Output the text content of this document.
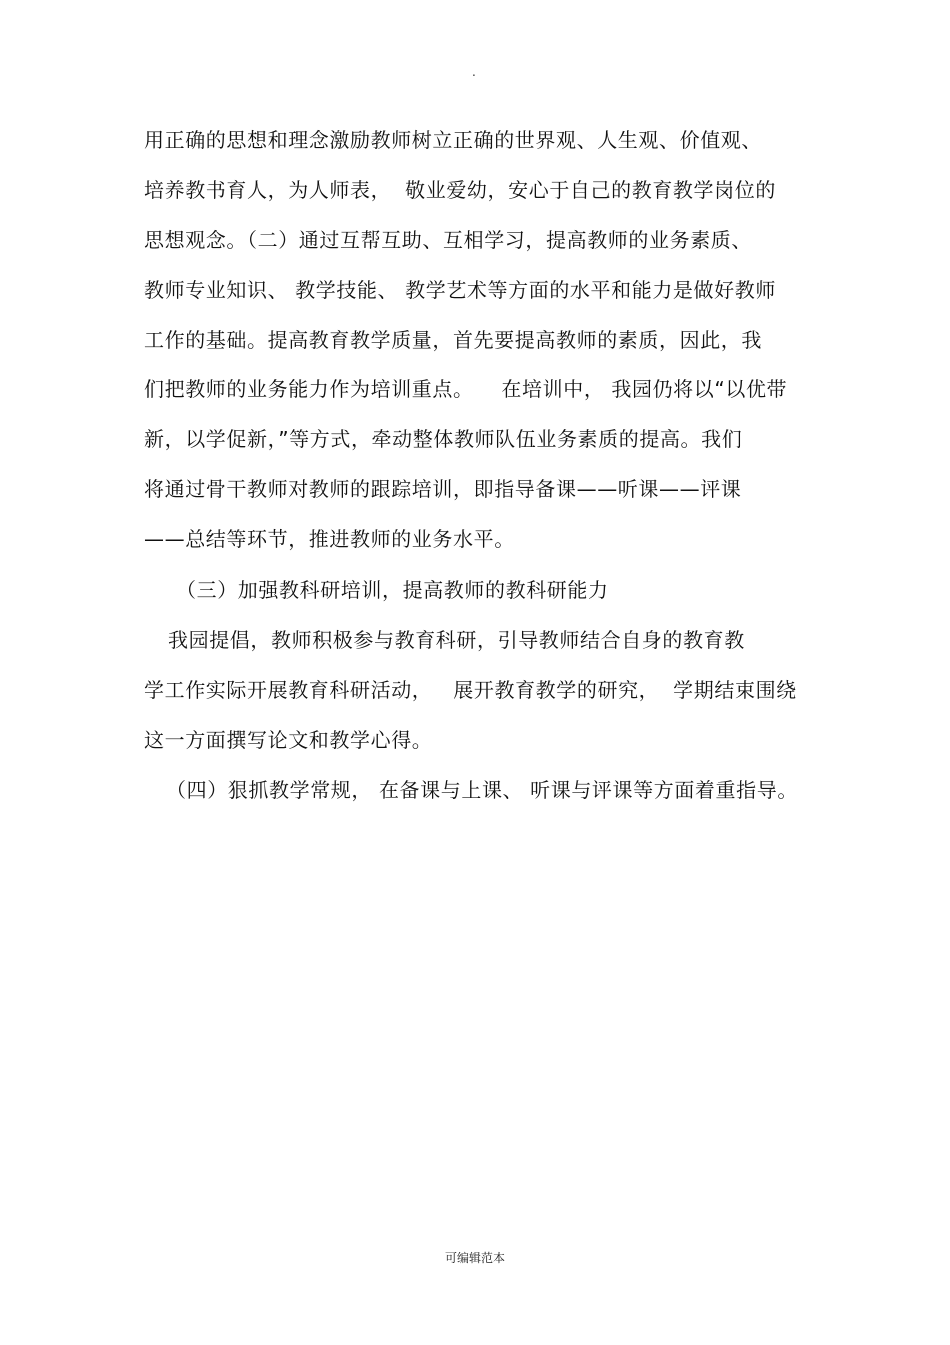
.
用正确的思想和理念激励教师树立正确的世界观、人生观、价值观、
培养教书育人，为人师表，  敬业爱幼，安心于自己的教育教学岗位的
思想观念。（二）通过互帮互助、互相学习，提高教师的业务素质、
教师专业知识、 教学技能、 教学艺术等方面的水平和能力是做好教师
工作的基础。提高教育教学质量，首先要提高教师的素质，因此，我
们把教师的业务能力作为培训重点。    在培训中， 我园仍将以“以优带
新，以学促新，”等方式，牵动整体教师队伍业务素质的提高。我们
将通过骨干教师对教师的跟踪培训，即指导备课——听课——评课
——总结等环节，推进教师的业务水平。
（三）加强教科研培训，提高教师的教科研能力
我园提倡，教师积极参与教育科研，引导教师结合自身的教育教
学工作实际开展教育科研活动，   展开教育教学的研究，  学期结束围绕
这一方面撰写论文和教学心得。
（四）狠抓教学常规， 在备课与上课、 听课与评课等方面着重指导。
可编辑范本
